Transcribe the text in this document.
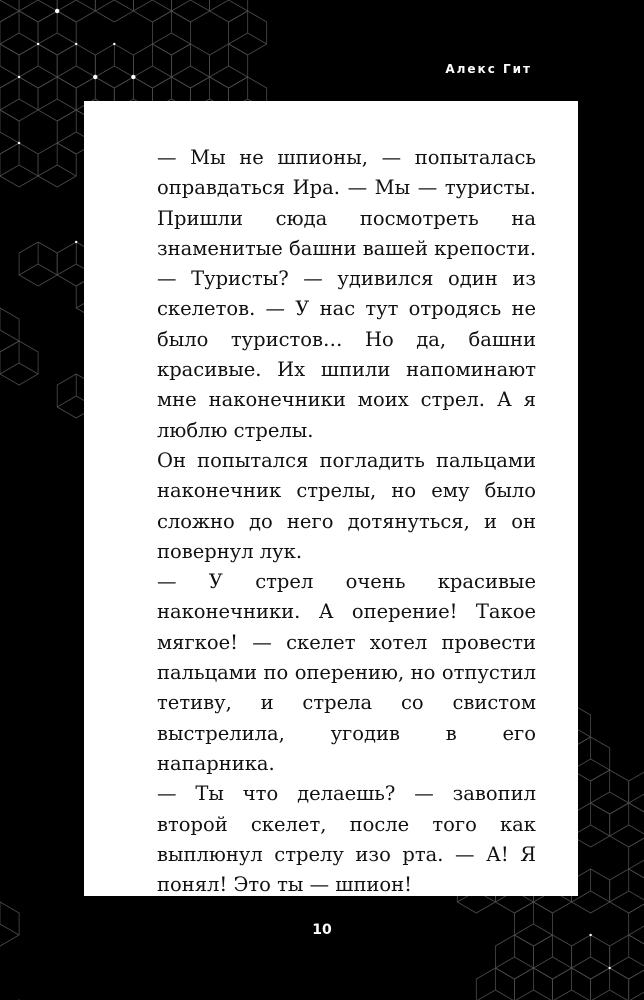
Алекс Гит

— Мы не шпионы, — попыталась оправдаться Ира. — Мы — туристы. Пришли сюда посмотреть на знаменитые башни вашей крепости.

— Туристы? — удивился один из скелетов. — У нас тут отродясь не было туристов… Но да, башни красивые. Их шпили напоминают мне наконечники моих стрел. А я люблю стрелы.

Он попытался погладить пальцами наконечник стрелы, но ему было сложно до него дотянуться, и он повернул лук.

— У стрел очень красивые наконечники. А оперение! Такое мягкое! — скелет хотел провести пальцами по оперению, но отпустил тетиву, и стрела со свистом выстрелила, угодив в его напарника.

— Ты что делаешь? — завопил второй скелет, после того как выплюнул стрелу изо рта. — А! Я понял! Это ты — шпион!

10
